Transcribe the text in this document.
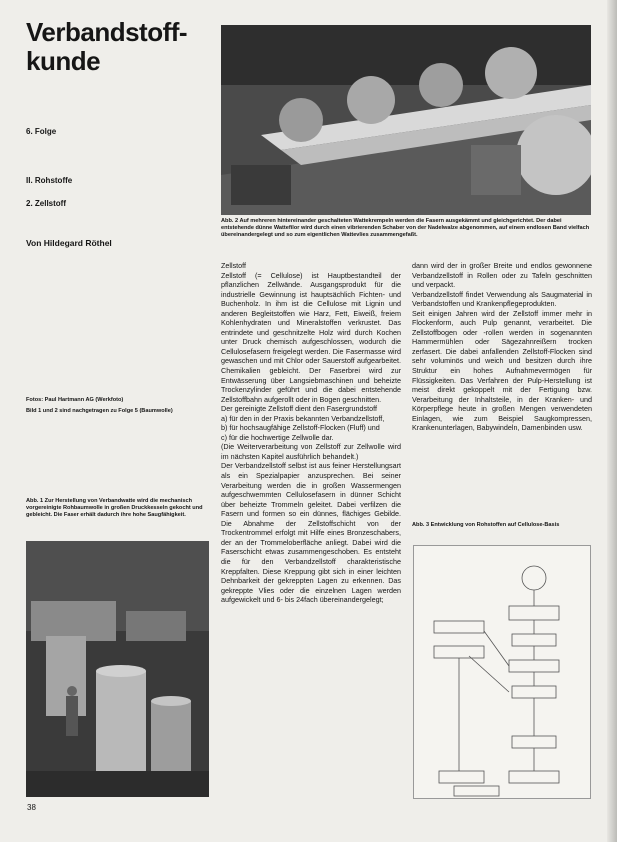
Verbandstoff-
kunde
6. Folge
II. Rohstoffe
2. Zellstoff
Von Hildegard Röthel
Fotos: Paul Hartmann AG (Werkfoto)
Bild 1 und 2 sind nachgetragen zu Folge 5 (Baumwolle)
Abb. 2 Auf mehreren hintereinander geschalteten Wattekrempeln werden die Fasern ausgekämmt und gleichgerichtet. Der dabei entstehende dünne Wattefilor wird durch einen vibrierenden Schaber von der Nadelwalze abgenommen, auf einem endlosen Band vielfach übereinandergelegt und so zum eigentlichen Wattevlies zusammengefaßt.
Abb. 1 Zur Herstellung von Verbandwatte wird die mechanisch vorgereinigte Rohbaumwolle in großen Druckkesseln gekocht und gebleicht. Die Faser erhält dadurch ihre hohe Saugfähigkeit.
Zellstoff
Zellstoff (= Cellulose) ist Hauptbestandteil der pflanzlichen Zellwände. Ausgangsprodukt für die industrielle Gewinnung ist hauptsächlich Fichten- und Buchenholz. In ihm ist die Cellulose mit Lignin und anderen Begleitstoffen wie Harz, Fett, Eiweiß, freiem Kohlenhydraten und Mineralstoffen verkrustet. Das entrindete und geschnitzelte Holz wird durch Kochen unter Druck chemisch aufgeschlossen, wodurch die Cellulosefasern freigelegt werden. Die Fasermasse wird gewaschen und mit Chlor oder Sauerstoff aufgearbeitet. Chemikalien gebleicht. Der Faserbrei wird zur Entwässerung über Langsiebmaschinen und beheizte Trockenzylinder geführt und die dabei entstehende Zellstoffbahn aufgerollt oder in Bogen geschnitten.
Der gereinigte Zellstoff dient den Fasergrundstoff
a) für den in der Praxis bekannten Verbandzellstoff,
b) für hochsaugfähige Zellstoff-Flocken (Fluff) und
c) für die hochwertige Zellwolle dar.
(Die Weiterverarbeitung von Zellstoff zur Zellwolle wird im nächsten Kapitel ausführlich behandelt.)
Der Verbandzellstoff selbst ist aus feiner Herstellungsart als ein Spezialpapier anzusprechen. Bei seiner Verarbeitung werden die in großen Wassermengen aufgeschwemmten Cellulosefasern in dünner Schicht über beheizte Trommeln geleitet. Dabei verfilzen die Fasern und formen so ein dünnes, flächiges Gebilde. Die Abnahme der Zellstoffschicht von der Trockentrommel erfolgt mit Hilfe eines Bronzeschabers, der an der Trommeloberfläche anliegt. Dabei wird die Faserschicht etwas zusammengeschoben. Es entsteht die für den Verbandzellstoff charakteristische Kreppfalten. Diese Kreppung gibt sich in einer leichten Dehnbarkeit der gekreppten Lagen zu erkennen. Das gekreppte Vlies oder die einzelnen Lagen werden aufgewickelt und 6- bis 24fach übereinandergelegt;
dann wird der in großer Breite und endlos gewonnene Verbandzellstoff in Rollen oder zu Tafeln geschnitten und verpackt.
Verbandzellstoff findet Verwendung als Saugmaterial in Verbandstoffen und Krankenpflegeprodukten.
Seit einigen Jahren wird der Zellstoff immer mehr in Flockenform, auch Pulp genannt, verarbeitet. Die Zellstoffbogen oder -rollen werden in sogenannten Hammermühlen oder Sägezahnreißern trocken zerfasert. Die dabei anfallenden Zellstoff-Flocken sind sehr voluminös und weich und besitzen durch ihre Struktur ein hohes Aufnahmevermögen für Flüssigkeiten. Das Verfahren der Pulp-Herstellung ist meist direkt gekoppelt mit der Fertigung bzw. Verarbeitung der Inhaltsteile, in der Kranken- und Körperpflege heute in großen Mengen verwendeten Einlagen, wie zum Beispiel Saugkompressen, Krankenunterlagen, Babywindeln, Damenbinden usw.
Abb. 3 Entwicklung von Rohstoffen auf Cellulose-Basis
38
